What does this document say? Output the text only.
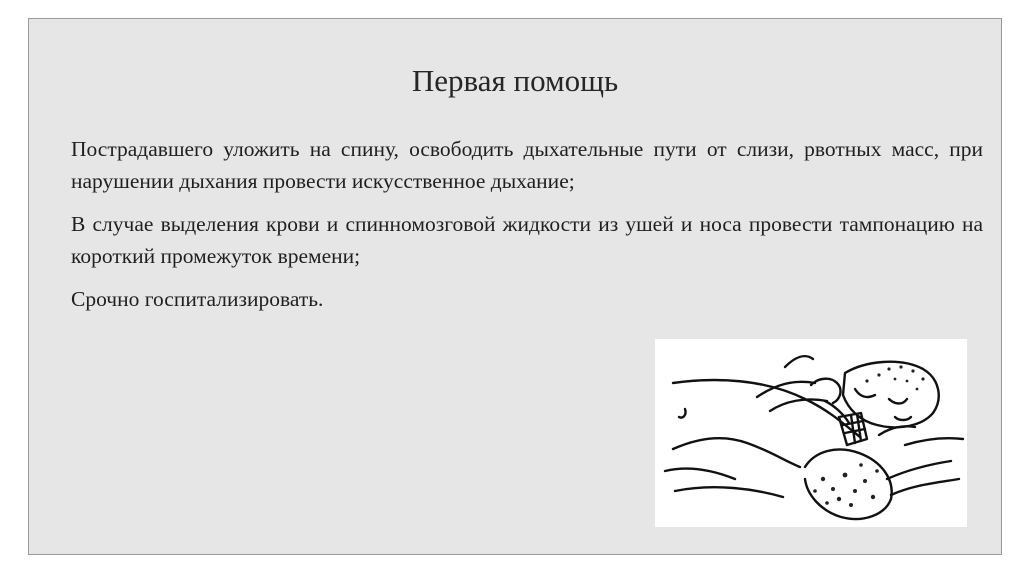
Первая помощь

Пострадавшего уложить на спину, освободить дыхательные пути от слизи, рвотных масс, при нарушении дыхания провести искусственное дыхание;

В случае выделения крови и спинномозговой жидкости из ушей и носа провести тампонацию на короткий промежуток времени;

Срочно госпитализировать.
